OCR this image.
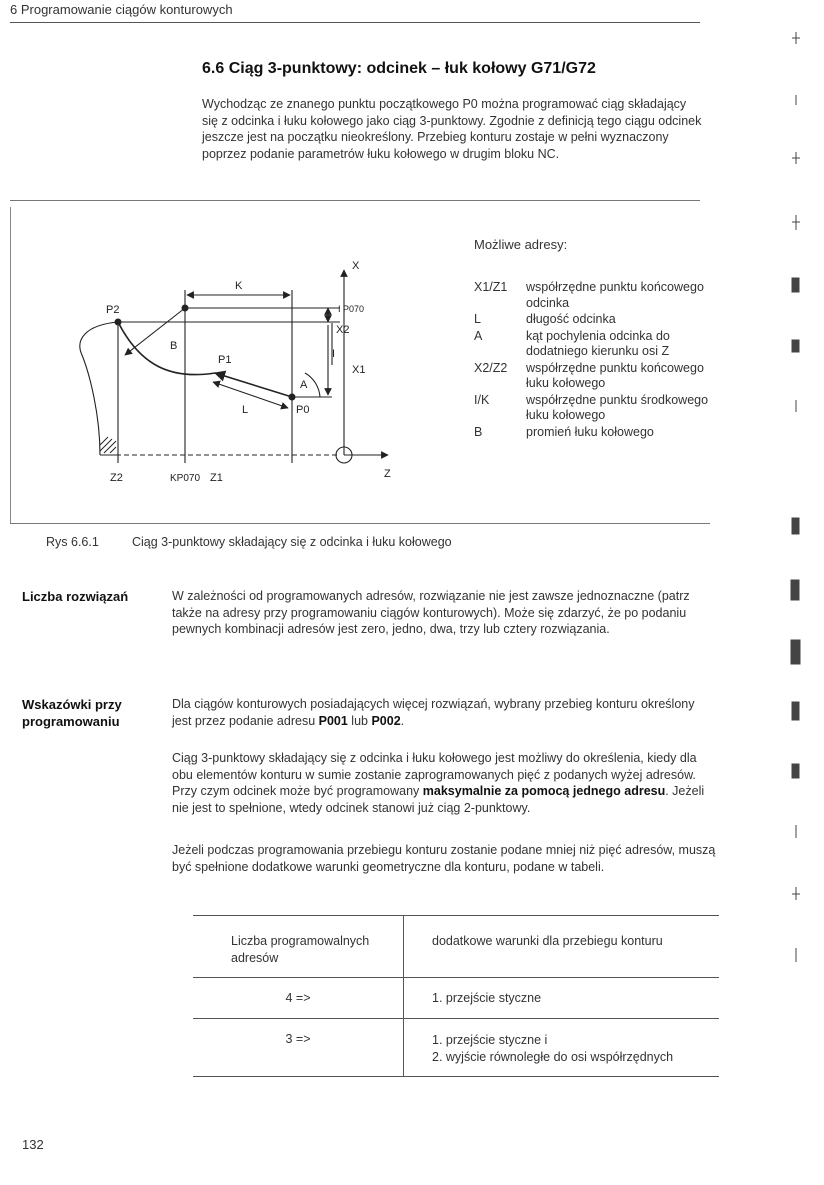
6 Programowanie ciągów konturowych
6.6 Ciąg 3-punktowy: odcinek – łuk kołowy G71/G72
Wychodząc ze znanego punktu początkowego P0 można programować ciąg składający się z odcinka i łuku kołowego jako ciąg 3-punktowy. Zgodnie z definicją tego ciągu odcinek jeszcze jest na początku nieokreślony. Przebieg konturu zostaje w pełni wyznaczony poprzez podanie parametrów łuku kołowego w drugim bloku NC.
X
Z
P2
P1
P0
K
I P070
X2
X1
I
B
L
A
Z2	KP070 Z1
Możliwe adresy:
X1/Z1	współrzędne punktu końcowego odcinka
L	długość odcinka
A	kąt pochylenia odcinka do dodatniego kierunku osi Z
X2/Z2	współrzędne punktu końcowego łuku kołowego
I/K	współrzędne punktu środkowego łuku kołowego
B	promień łuku kołowego
Rys 6.6.1	Ciąg 3-punktowy składający się z odcinka i łuku kołowego
Liczba rozwiązań	W zależności od programowanych adresów, rozwiązanie nie jest zawsze jednoznaczne (patrz także na adresy przy programowaniu ciągów konturowych). Może się zdarzyć, że po podaniu pewnych kombinacji adresów jest zero, jedno, dwa, trzy lub cztery rozwiązania.
Wskazówki przy
programowaniu
Dla ciągów konturowych posiadających więcej rozwiązań, wybrany przebieg konturu określony jest przez podanie adresu P001 lub P002.
Ciąg 3-punktowy składający się z odcinka i łuku kołowego jest możliwy do określenia, kiedy dla obu elementów konturu w sumie zostanie zaprogramowanych pięć z podanych wyżej adresów. Przy czym odcinek może być programowany maksymalnie za pomocą jednego adresu. Jeżeli nie jest to spełnione, wtedy odcinek stanowi już ciąg 2-punktowy.
Jeżeli podczas programowania przebiegu konturu zostanie podane mniej niż pięć adresów, muszą być spełnione dodatkowe warunki geometryczne dla konturu, podane w tabeli.
Liczba programowalnych adresów	dodatkowe warunki dla przebiegu konturu

4 =>	1. przejście styczne

3 =>	1. przejście styczne i
2. wyjście równoległe do osi współrzędnych
132
